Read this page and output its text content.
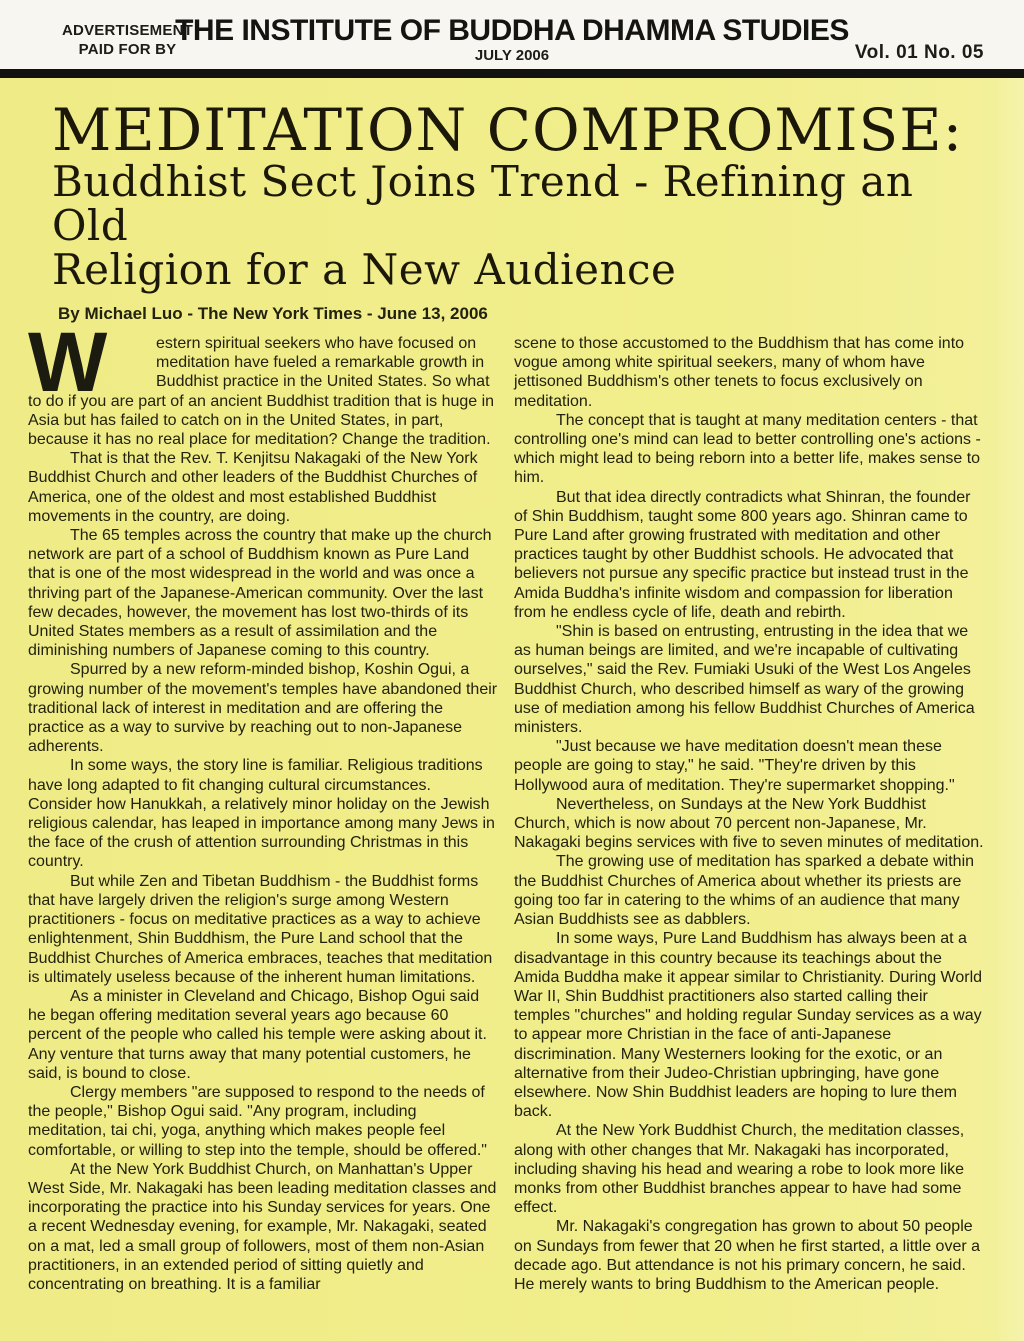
ADVERTISEMENT
PAID FOR BY
THE INSTITUTE OF BUDDHA DHAMMA STUDIES
JULY 2006	Vol. 01 No. 05
MEDITATION COMPROMISE:
Buddhist Sect Joins Trend - Refining an Old
Religion for a New Audience
By Michael Luo - The New York Times - June 13, 2006

W	estern spiritual seekers who have focused on meditation have fueled a remarkable growth in Buddhist practice in the United States. So what to do if you are part of an ancient Buddhist tradition that is huge in Asia but has failed to catch on in the United States, in part, because it has no real place for meditation? Change the tradition.

That is that the Rev. T. Kenjitsu Nakagaki of the New York Buddhist Church and other leaders of the Buddhist Churches of America, one of the oldest and most established Buddhist movements in the country, are doing.

The 65 temples across the country that make up the church network are part of a school of Buddhism known as Pure Land that is one of the most widespread in the world and was once a thriving part of the Japanese-American community. Over the last few decades, however, the movement has lost two-thirds of its United States members as a result of assimilation and the diminishing numbers of Japanese coming to this country.

Spurred by a new reform-minded bishop, Koshin Ogui, a growing number of the movement's temples have abandoned their traditional lack of interest in meditation and are offering the practice as a way to survive by reaching out to non-Japanese adherents.

In some ways, the story line is familiar. Religious traditions have long adapted to fit changing cultural circumstances. Consider how Hanukkah, a relatively minor holiday on the Jewish religious calendar, has leaped in importance among many Jews in the face of the crush of attention surrounding Christmas in this country.

But while Zen and Tibetan Buddhism - the Buddhist forms that have largely driven the religion's surge among Western practitioners - focus on meditative practices as a way to achieve enlightenment, Shin Buddhism, the Pure Land school that the Buddhist Churches of America embraces, teaches that meditation is ultimately useless because of the inherent human limitations.

As a minister in Cleveland and Chicago, Bishop Ogui said he began offering meditation several years ago because 60 percent of the people who called his temple were asking about it. Any venture that turns away that many potential customers, he said, is bound to close.

Clergy members "are supposed to respond to the needs of the people," Bishop Ogui said. "Any program, including meditation, tai chi, yoga, anything which makes people feel comfortable, or willing to step into the temple, should be offered."

At the New York Buddhist Church, on Manhattan's Upper West Side, Mr. Nakagaki has been leading meditation classes and incorporating the practice into his Sunday services for years. One a recent Wednesday evening, for example, Mr. Nakagaki, seated on a mat, led a small group of followers, most of them non-Asian practitioners, in an extended period of sitting quietly and concentrating on breathing. It is a familiar

scene to those accustomed to the Buddhism that has come into vogue among white spiritual seekers, many of whom have jettisoned Buddhism's other tenets to focus exclusively on meditation.

The concept that is taught at many meditation centers - that controlling one's mind can lead to better controlling one's actions - which might lead to being reborn into a better life, makes sense to him.

But that idea directly contradicts what Shinran, the founder of Shin Buddhism, taught some 800 years ago. Shinran came to Pure Land after growing frustrated with meditation and other practices taught by other Buddhist schools. He advocated that believers not pursue any specific practice but instead trust in the Amida Buddha's infinite wisdom and compassion for liberation from he endless cycle of life, death and rebirth.

"Shin is based on entrusting, entrusting in the idea that we as human beings are limited, and we're incapable of cultivating ourselves," said the Rev. Fumiaki Usuki of the West Los Angeles Buddhist Church, who described himself as wary of the growing use of mediation among his fellow Buddhist Churches of America ministers.

"Just because we have meditation doesn't mean these people are going to stay," he said. "They're driven by this Hollywood aura of meditation. They're supermarket shopping."

Nevertheless, on Sundays at the New York Buddhist Church, which is now about 70 percent non-Japanese, Mr. Nakagaki begins services with five to seven minutes of meditation.

The growing use of meditation has sparked a debate within the Buddhist Churches of America about whether its priests are going too far in catering to the whims of an audience that many Asian Buddhists see as dabblers.

In some ways, Pure Land Buddhism has always been at a disadvantage in this country because its teachings about the Amida Buddha make it appear similar to Christianity. During World War II, Shin Buddhist practitioners also started calling their temples "churches" and holding regular Sunday services as a way to appear more Christian in the face of anti-Japanese discrimination. Many Westerners looking for the exotic, or an alternative from their Judeo-Christian upbringing, have gone elsewhere. Now Shin Buddhist leaders are hoping to lure them back.

At the New York Buddhist Church, the meditation classes, along with other changes that Mr. Nakagaki has incorporated, including shaving his head and wearing a robe to look more like monks from other Buddhist branches appear to have had some effect.

Mr. Nakagaki's congregation has grown to about 50 people on Sundays from fewer that 20 when he first started, a little over a decade ago. But attendance is not his primary concern, he said. He merely wants to bring Buddhism to the American people.
